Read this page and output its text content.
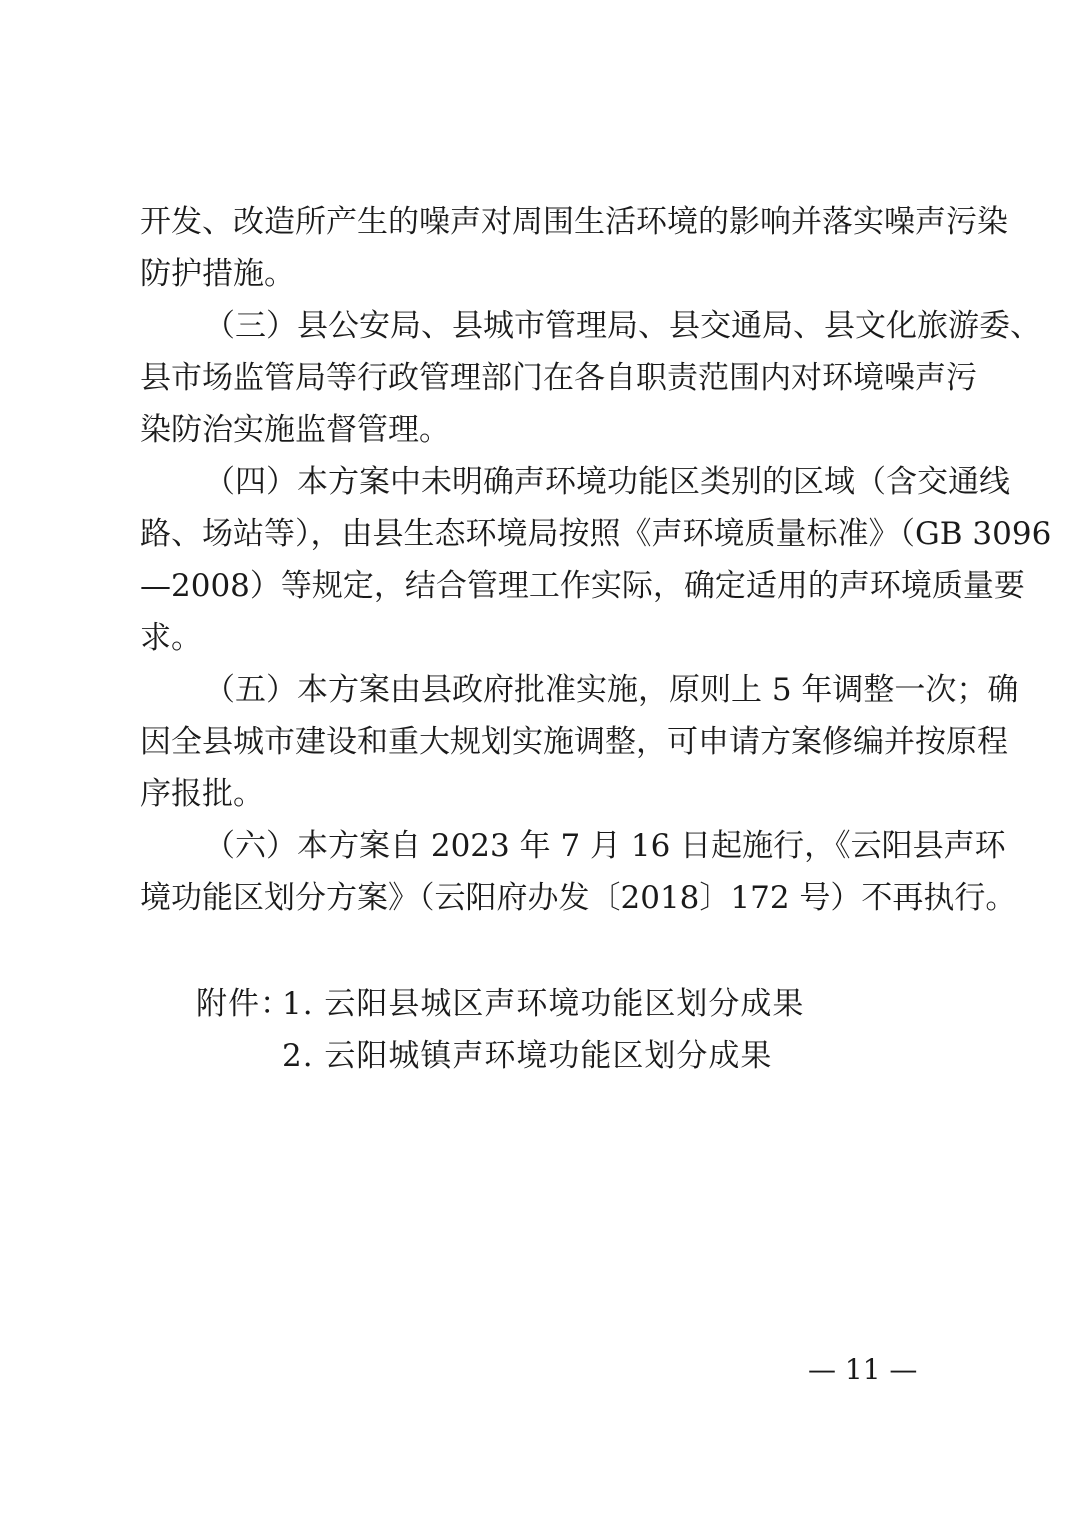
开发、改造所产生的噪声对周围生活环境的影响并落实噪声污染
防护措施。
（三）县公安局、县城市管理局、县交通局、县文化旅游委、
县市场监管局等行政管理部门在各自职责范围内对环境噪声污
染防治实施监督管理。
（四）本方案中未明确声环境功能区类别的区域（含交通线
路、场站等），由县生态环境局按照《声环境质量标准》（GB 3096
—2008）等规定，结合管理工作实际，确定适用的声环境质量要
求。
（五）本方案由县政府批准实施，原则上 5 年调整一次；确
因全县城市建设和重大规划实施调整，可申请方案修编并按原程
序报批。
（六）本方案自 2023 年 7 月 16 日起施行，《云阳县声环
境功能区划分方案》（云阳府办发〔2018〕172 号）不再执行。
附件：
1. 云阳县城区声环境功能区划分成果
2. 云阳城镇声环境功能区划分成果
— 11 —
